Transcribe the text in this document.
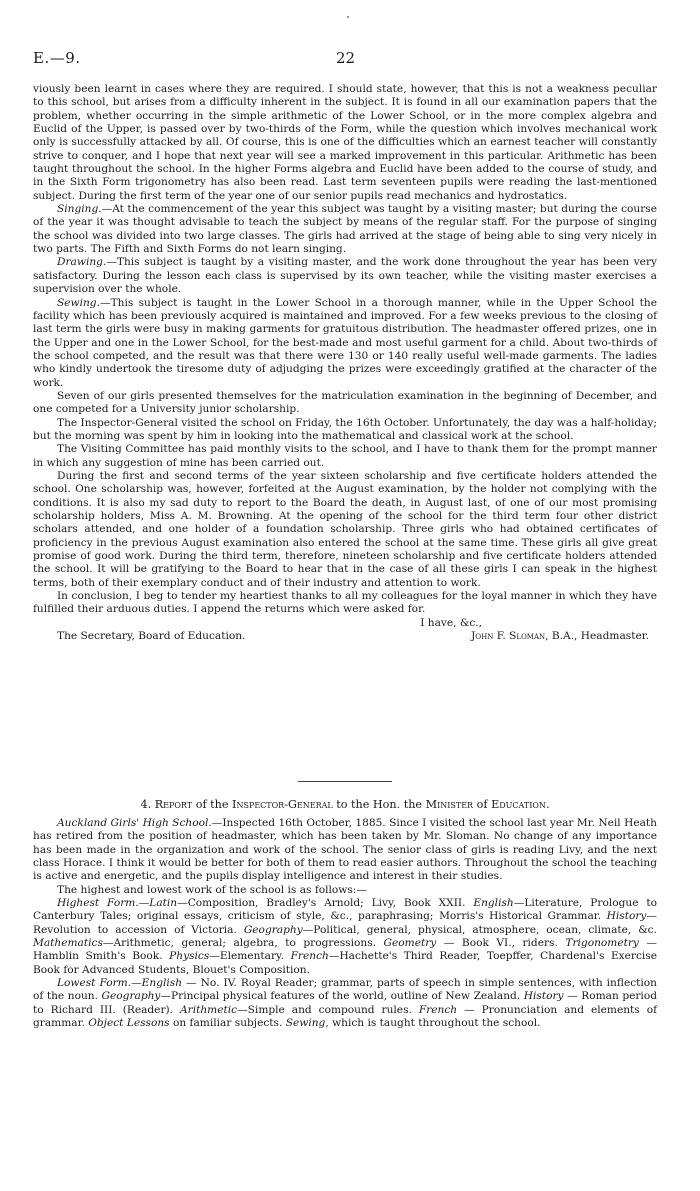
E.—9.	22

viously been learnt in cases where they are required. I should state, however, that this is not a weakness peculiar to this school, but arises from a difficulty inherent in the subject. It is found in all our examination papers that the problem, whether occurring in the simple arithmetic of the Lower School, or in the more complex algebra and Euclid of the Upper, is passed over by two-thirds of the Form, while the question which involves mechanical work only is successfully attacked by all. Of course, this is one of the difficulties which an earnest teacher will constantly strive to conquer, and I hope that next year will see a marked improvement in this particular. Arithmetic has been taught throughout the school. In the higher Forms algebra and Euclid have been added to the course of study, and in the Sixth Form trigonometry has also been read. Last term seventeen pupils were reading the last-mentioned subject. During the first term of the year one of our senior pupils read mechanics and hydrostatics.

Singing.—At the commencement of the year this subject was taught by a visiting master; but during the course of the year it was thought advisable to teach the subject by means of the regular staff. For the purpose of singing the school was divided into two large classes. The girls had arrived at the stage of being able to sing very nicely in two parts. The Fifth and Sixth Forms do not learn singing.

Drawing.—This subject is taught by a visiting master, and the work done throughout the year has been very satisfactory. During the lesson each class is supervised by its own teacher, while the visiting master exercises a supervision over the whole.

Sewing.—This subject is taught in the Lower School in a thorough manner, while in the Upper School the facility which has been previously acquired is maintained and improved. For a few weeks previous to the closing of last term the girls were busy in making garments for gratuitous distribution. The headmaster offered prizes, one in the Upper and one in the Lower School, for the best-made and most useful garment for a child. About two-thirds of the school competed, and the result was that there were 130 or 140 really useful well-made garments. The ladies who kindly undertook the tiresome duty of adjudging the prizes were exceedingly gratified at the character of the work.

Seven of our girls presented themselves for the matriculation examination in the beginning of December, and one competed for a University junior scholarship.

The Inspector-General visited the school on Friday, the 16th October. Unfortunately, the day was a half-holiday; but the morning was spent by him in looking into the mathematical and classical work at the school.

The Visiting Committee has paid monthly visits to the school, and I have to thank them for the prompt manner in which any suggestion of mine has been carried out.

During the first and second terms of the year sixteen scholarship and five certificate holders attended the school. One scholarship was, however, forfeited at the August examination, by the holder not complying with the conditions. It is also my sad duty to report to the Board the death, in August last, of one of our most promising scholarship holders, Miss A. M. Browning. At the opening of the school for the third term four other district scholars attended, and one holder of a foundation scholarship. Three girls who had obtained certificates of proficiency in the previous August examination also entered the school at the same time. These girls all give great promise of good work. During the third term, therefore, nineteen scholarship and five certificate holders attended the school. It will be gratifying to the Board to hear that in the case of all these girls I can speak in the highest terms, both of their exemplary conduct and of their industry and attention to work.

In conclusion, I beg to tender my heartiest thanks to all my colleagues for the loyal manner in which they have fulfilled their arduous duties. I append the returns which were asked for.

I have, &c.,

The Secretary, Board of Education.	John F. Sloman, B.A., Headmaster.
4. Report of the Inspector-General to the Hon. the Minister of Education.

Auckland Girls' High School.—Inspected 16th October, 1885. Since I visited the school last year Mr. Neil Heath has retired from the position of headmaster, which has been taken by Mr. Sloman. No change of any importance has been made in the organization and work of the school. The senior class of girls is reading Livy, and the next class Horace. I think it would be better for both of them to read easier authors. Throughout the school the teaching is active and energetic, and the pupils display intelligence and interest in their studies.

The highest and lowest work of the school is as follows:—

Highest Form.—Latin—Composition, Bradley's Arnold; Livy, Book XXII. English—Literature, Prologue to Canterbury Tales; original essays, criticism of style, &c., paraphrasing; Morris's Historical Grammar. History—Revolution to accession of Victoria. Geography—Political, general, physical, atmosphere, ocean, climate, &c. Mathematics—Arithmetic, general; algebra, to progressions. Geometry — Book VI., riders. Trigonometry — Hamblin Smith's Book. Physics—Elementary. French—Hachette's Third Reader, Toepffer, Chardenal's Exercise Book for Advanced Students, Blouet's Composition.

Lowest Form.—English — No. IV. Royal Reader; grammar, parts of speech in simple sentences, with inflection of the noun. Geography—Principal physical features of the world, outline of New Zealand. History — Roman period to Richard III. (Reader). Arithmetic—Simple and compound rules. French — Pronunciation and elements of grammar. Object Lessons on familiar subjects. Sewing, which is taught throughout the school.
